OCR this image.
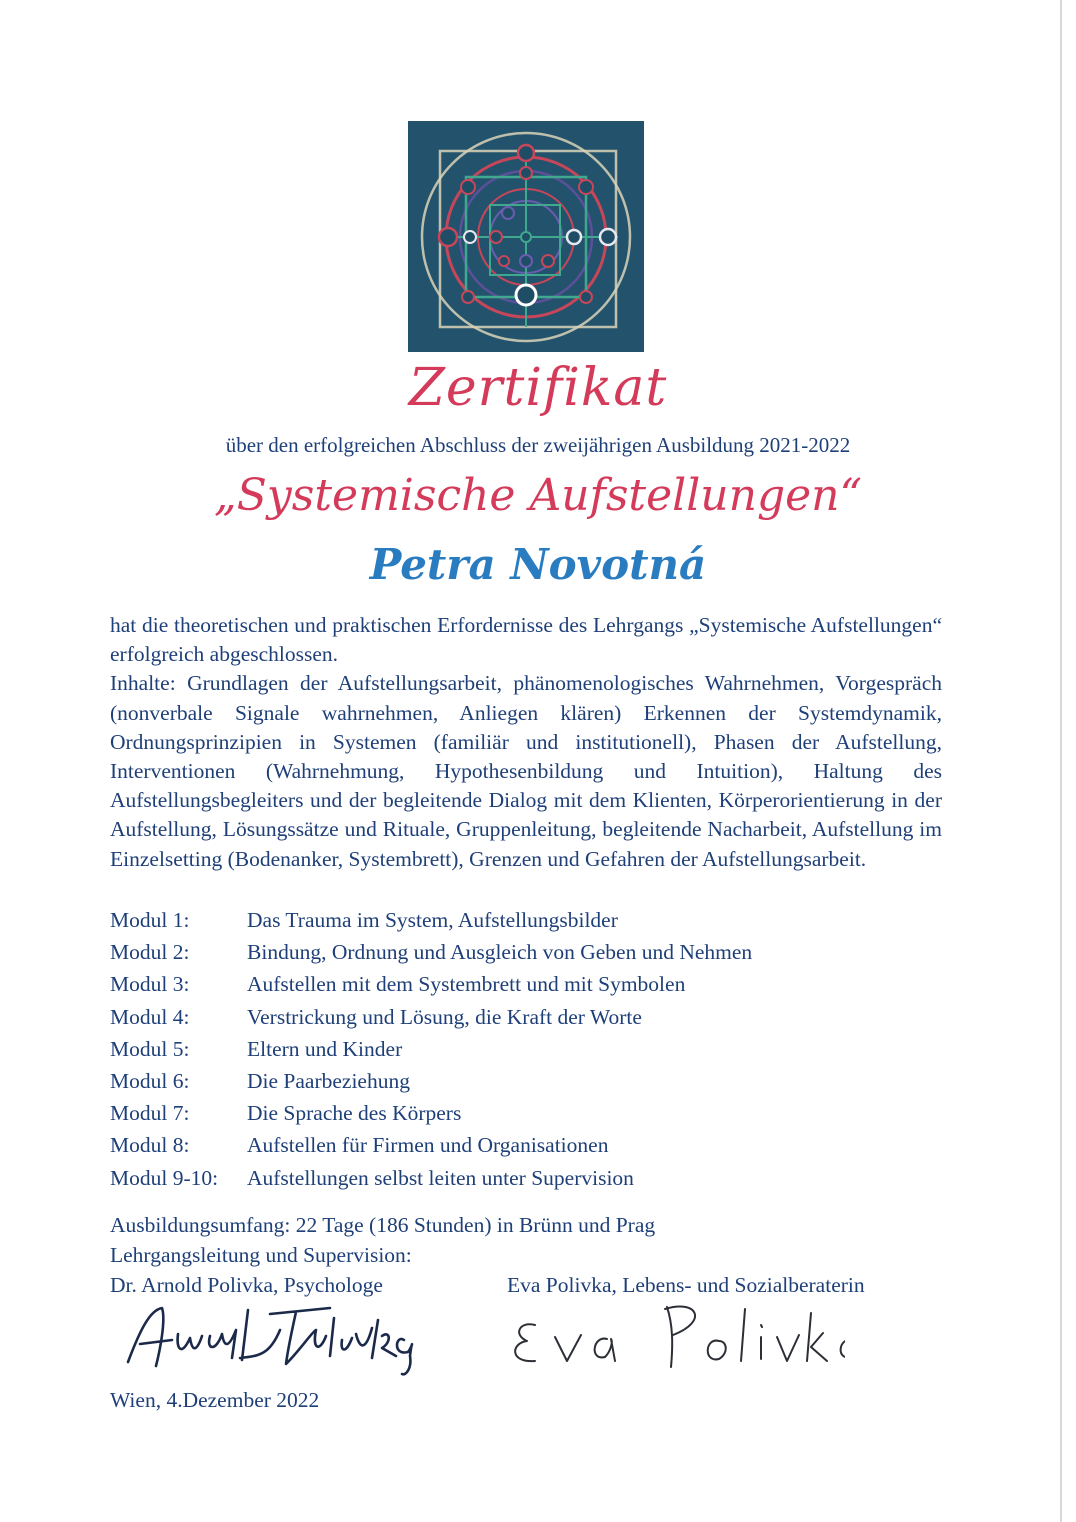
Zertifikat
über den erfolgreichen Abschluss der zweijährigen Ausbildung 2021-2022
„Systemische Aufstellungen“
Petra Novotná

hat die theoretischen und praktischen Erfordernisse des Lehrgangs „Systemische Aufstellungen“ erfolgreich abgeschlossen.

Inhalte: Grundlagen der Aufstellungsarbeit, phänomenologisches Wahrnehmen, Vorgespräch (nonverbale Signale wahrnehmen, Anliegen klären) Erkennen der Systemdynamik, Ordnungsprinzipien in Systemen (familiär und institutionell), Phasen der Aufstellung, Interventionen (Wahrnehmung, Hypothesenbildung und Intuition), Haltung des Aufstellungsbegleiters und der begleitende Dialog mit dem Klienten, Körperorientierung in der Aufstellung, Lösungssätze und Rituale, Gruppenleitung, begleitende Nacharbeit, Aufstellung im Einzelsetting (Bodenanker, Systembrett), Grenzen und Gefahren der Aufstellungsarbeit.

Modul 1:	Das Trauma im System, Aufstellungsbilder
Modul 2:	Bindung, Ordnung und Ausgleich von Geben und Nehmen
Modul 3:	Aufstellen mit dem Systembrett und mit Symbolen
Modul 4:	Verstrickung und Lösung, die Kraft der Worte
Modul 5:	Eltern und Kinder
Modul 6:	Die Paarbeziehung
Modul 7:	Die Sprache des Körpers
Modul 8:	Aufstellen für Firmen und Organisationen
Modul 9-10:	Aufstellungen selbst leiten unter Supervision
Ausbildungsumfang: 22 Tage (186 Stunden) in Brünn und Prag
Lehrgangsleitung und Supervision:
Dr. Arnold Polivka, Psychologe	Eva Polivka, Lebens- und Sozialberaterin
Wien, 4.Dezember 2022
